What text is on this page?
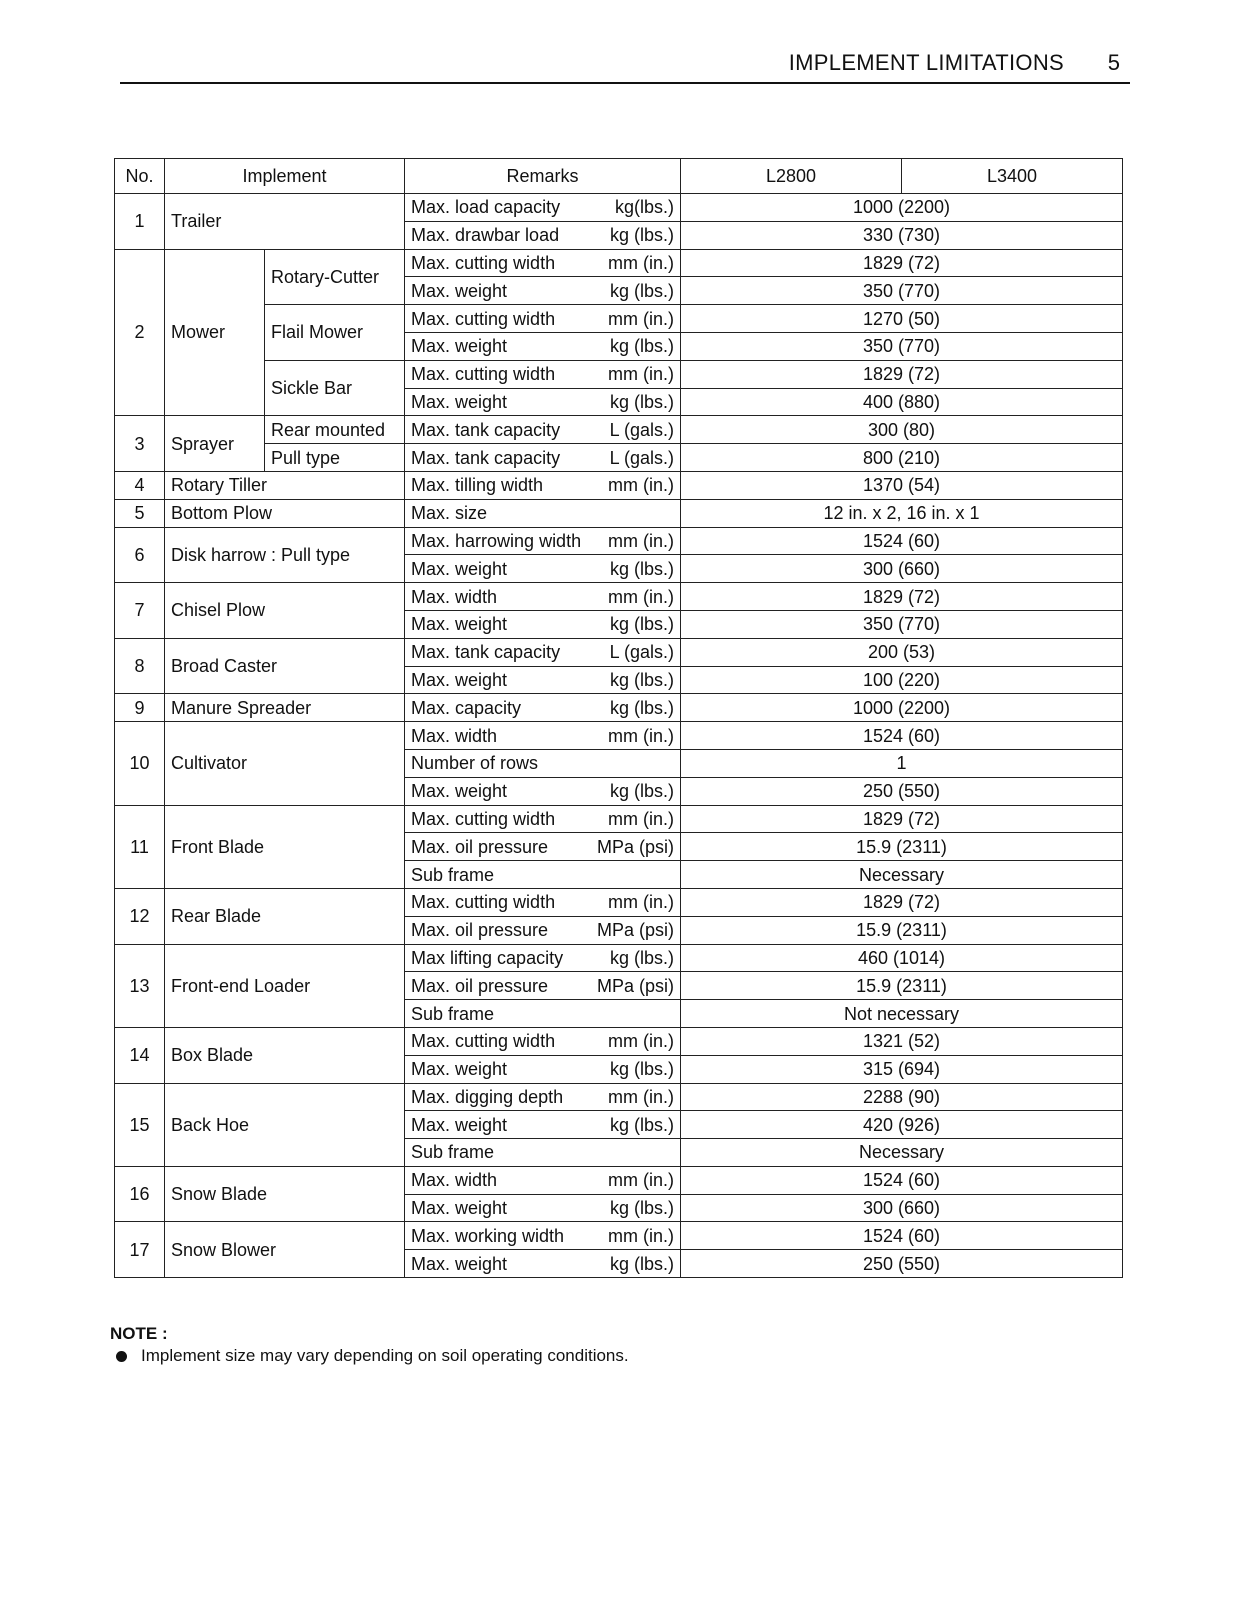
IMPLEMENT LIMITATIONS 5
No.	Implement		Remarks	L2800	L3400
1	Trailer		Max. load capacity kg(lbs.)	1000 (2200)	

			Max. drawbar load kg (lbs.)	330 (730)	
2	Mower	Rotary-Cutter	Max. cutting width mm (in.)	1829 (72)	

			Max. weight kg (lbs.)	350 (770)	
		Flail Mower	Max. cutting width mm (in.)	1270 (50)	

			Max. weight kg (lbs.)	350 (770)	
		Sickle Bar	Max. cutting width mm (in.)	1829 (72)	

			Max. weight kg (lbs.)	400 (880)	
3	Sprayer	Rear mounted	Max. tank capacity L (gals.)	300 (80)	
		Pull type	Max. tank capacity L (gals.)	800 (210)	
4	Rotary Tiller		Max. tilling width mm (in.)	1370 (54)	
5	Bottom Plow		Max. size	12 in. x 2, 16 in. x 1	
6	Disk harrow : Pull type		Max. harrowing width mm (in.)	1524 (60)	

			Max. weight kg (lbs.)	300 (660)	
7	Chisel Plow		Max. width mm (in.)	1829 (72)	

			Max. weight kg (lbs.)	350 (770)	
8	Broad Caster		Max. tank capacity L (gals.)	200 (53)	

			Max. weight kg (lbs.)	100 (220)	
9	Manure Spreader		Max. capacity kg (lbs.)	1000 (2200)	
10	Cultivator		Max. width mm (in.)	1524 (60)	

			Number of rows	1	

			Max. weight kg (lbs.)	250 (550)	
11	Front Blade		Max. cutting width mm (in.)	1829 (72)	

			Max. oil pressure MPa (psi)	15.9 (2311)	

			Sub frame	Necessary	
12	Rear Blade		Max. cutting width mm (in.)	1829 (72)	

			Max. oil pressure MPa (psi)	15.9 (2311)	
13	Front-end Loader		Max lifting capacity kg (lbs.)	460 (1014)	

			Max. oil pressure MPa (psi)	15.9 (2311)	

			Sub frame	Not necessary	
14	Box Blade		Max. cutting width mm (in.)	1321 (52)	

			Max. weight kg (lbs.)	315 (694)	
15	Back Hoe		Max. digging depth mm (in.)	2288 (90)	

			Max. weight kg (lbs.)	420 (926)	

			Sub frame	Necessary	
16	Snow Blade		Max. width mm (in.)	1524 (60)	

			Max. weight kg (lbs.)	300 (660)	
17	Snow Blower		Max. working width mm (in.)	1524 (60)	

			Max. weight kg (lbs.)	250 (550)	
NOTE :
Implement size may vary depending on soil operating conditions.
